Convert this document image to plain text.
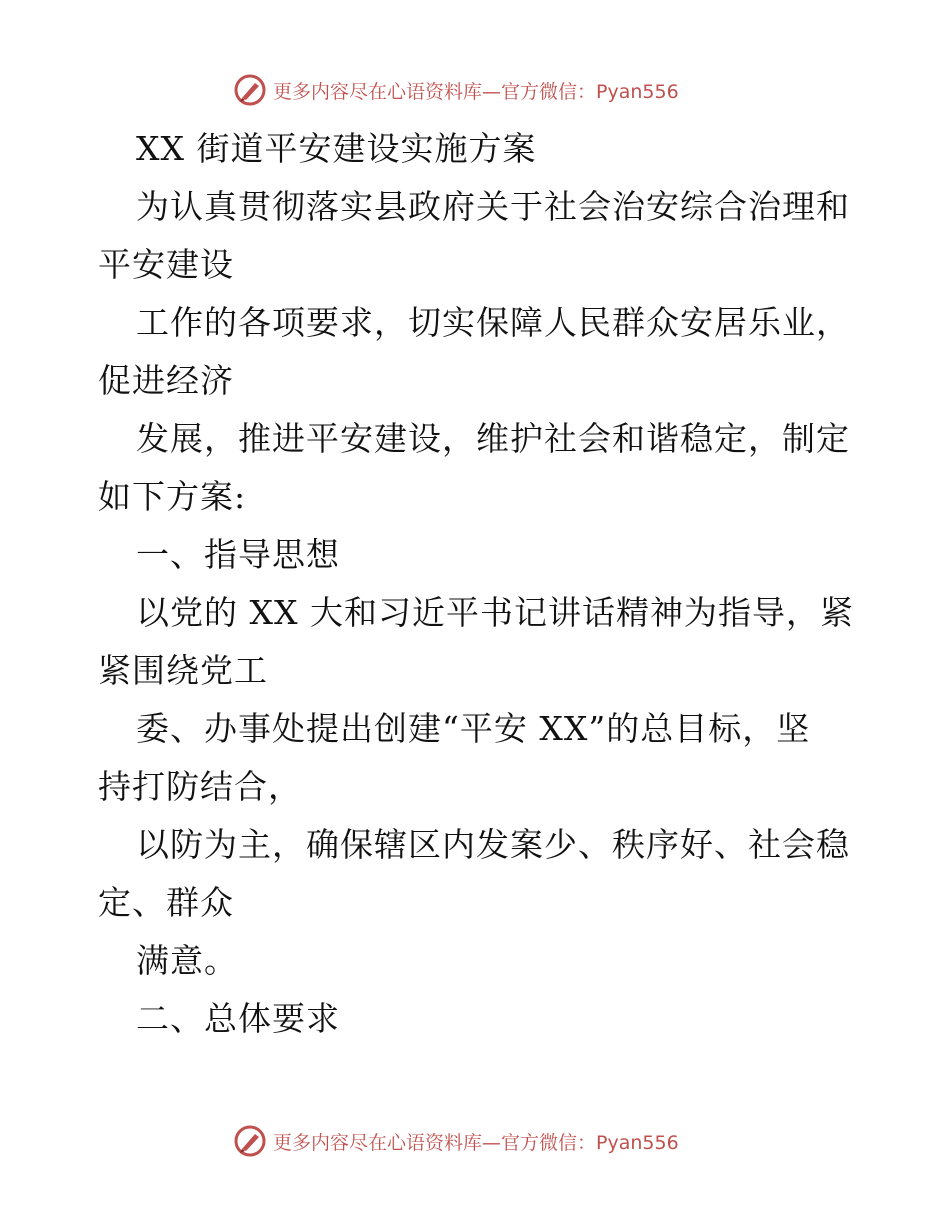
更多内容尽在心语资料库—官方微信：Pyan556
XX 街道平安建设实施方案
为认真贯彻落实县政府关于社会治安综合治理和
平安建设
工作的各项要求，切实保障人民群众安居乐业，
促进经济
发展，推进平安建设，维护社会和谐稳定，制定
如下方案:
一、指导思想
以党的 XX 大和习近平书记讲话精神为指导，紧
紧围绕党工
委、办事处提出创建“平安 XX”的总目标，坚
持打防结合，
以防为主，确保辖区内发案少、秩序好、社会稳
定、群众
满意。
二、总体要求
更多内容尽在心语资料库—官方微信：Pyan556
